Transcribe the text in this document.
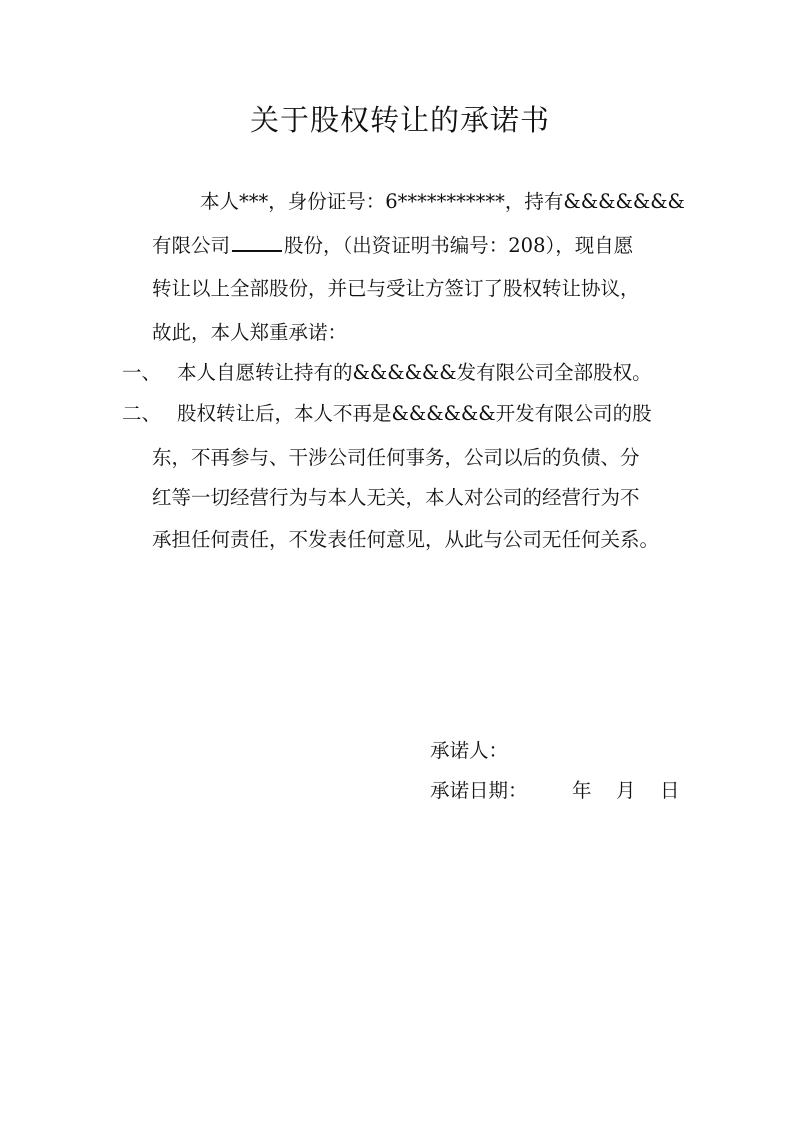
关于股权转让的承诺书
本人***，身份证号：6***********，持有&&&&&&&
有限公司	股份，（出资证明书编号：208），现自愿
转让以上全部股份，并已与受让方签订了股权转让协议，
故此，本人郑重承诺：
一、 本人自愿转让持有的&&&&&&发有限公司全部股权。
二、 股权转让后，本人不再是&&&&&&开发有限公司的股
东，不再参与、干涉公司任何事务，公司以后的负债、分
红等一切经营行为与本人无关，本人对公司的经营行为不
承担任何责任，不发表任何意见，从此与公司无任何关系。
承诺人：
承诺日期： 年 月 日
